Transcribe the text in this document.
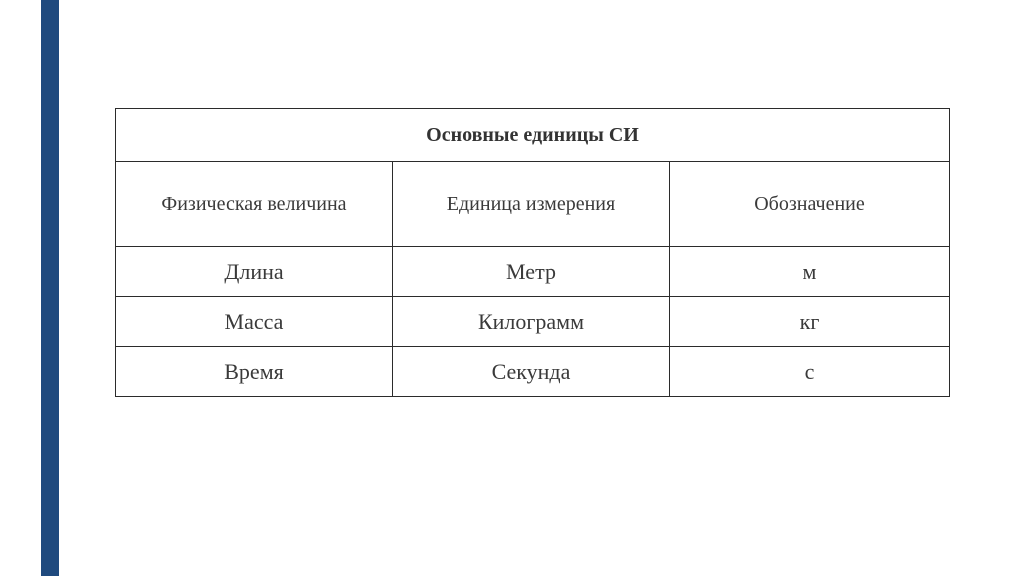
Основные единицы СИ		
Физическая величина	Единица измерения	Обозначение
Длина	Метр	м
Масса	Килограмм	кг
Время	Секунда	с
